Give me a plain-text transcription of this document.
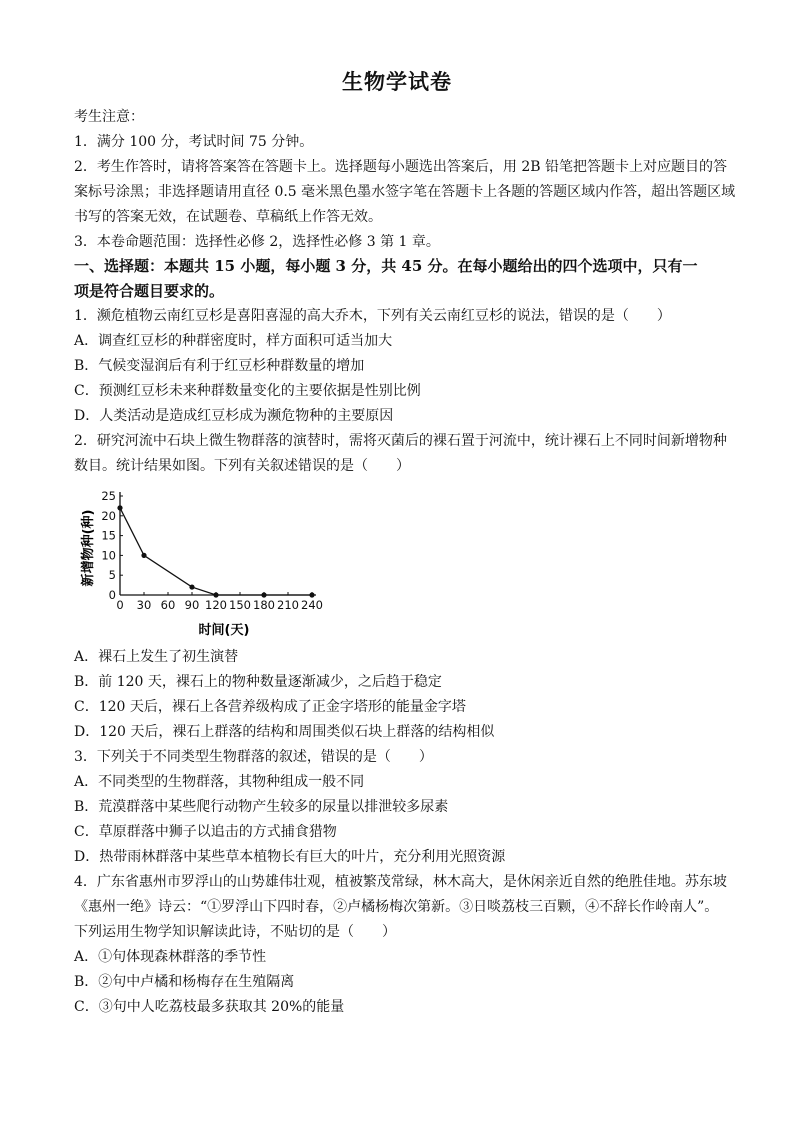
生物学试卷
考生注意：
1．满分 100 分，考试时间 75 分钟。
2．考生作答时，请将答案答在答题卡上。选择题每小题选出答案后，用 2B 铅笔把答题卡上对应题目的答
案标号涂黑；非选择题请用直径 0.5 毫米黑色墨水签字笔在答题卡上各题的答题区域内作答，超出答题区域
书写的答案无效，在试题卷、草稿纸上作答无效。
3．本卷命题范围：选择性必修 2，选择性必修 3 第 1 章。
一、选择题：本题共 15 小题，每小题 3 分，共 45 分。在每小题给出的四个选项中，只有一
项是符合题目要求的。
1．濒危植物云南红豆杉是喜阳喜湿的高大乔木，下列有关云南红豆杉的说法，错误的是（　　）
A．调查红豆杉的种群密度时，样方面积可适当加大
B．气候变湿润后有利于红豆杉种群数量的增加
C．预测红豆杉未来种群数量变化的主要依据是性别比例
D．人类活动是造成红豆杉成为濒危物种的主要原因
2．研究河流中石块上微生物群落的演替时，需将灭菌后的裸石置于河流中，统计裸石上不同时间新增物种
数目。统计结果如图。下列有关叙述错误的是（　　）
0 30 60 90 120 150 180 210 240
0
5
10
15
20
25
时间(天)
新增物种(种)
A．裸石上发生了初生演替
B．前 120 天，裸石上的物种数量逐渐减少，之后趋于稳定
C．120 天后，裸石上各营养级构成了正金字塔形的能量金字塔
D．120 天后，裸石上群落的结构和周围类似石块上群落的结构相似
3．下列关于不同类型生物群落的叙述，错误的是（　　）
A．不同类型的生物群落，其物种组成一般不同
B．荒漠群落中某些爬行动物产生较多的尿量以排泄较多尿素
C．草原群落中狮子以追击的方式捕食猎物
D．热带雨林群落中某些草本植物长有巨大的叶片，充分利用光照资源
4．广东省惠州市罗浮山的山势雄伟壮观，植被繁茂常绿，林木高大，是休闲亲近自然的绝胜佳地。苏东坡
《惠州一绝》诗云：“①罗浮山下四时春，②卢橘杨梅次第新。③日啖荔枝三百颗，④不辞长作岭南人”。
下列运用生物学知识解读此诗，不贴切的是（　　）
A．①句体现森林群落的季节性
B．②句中卢橘和杨梅存在生殖隔离
C．③句中人吃荔枝最多获取其 20%的能量
